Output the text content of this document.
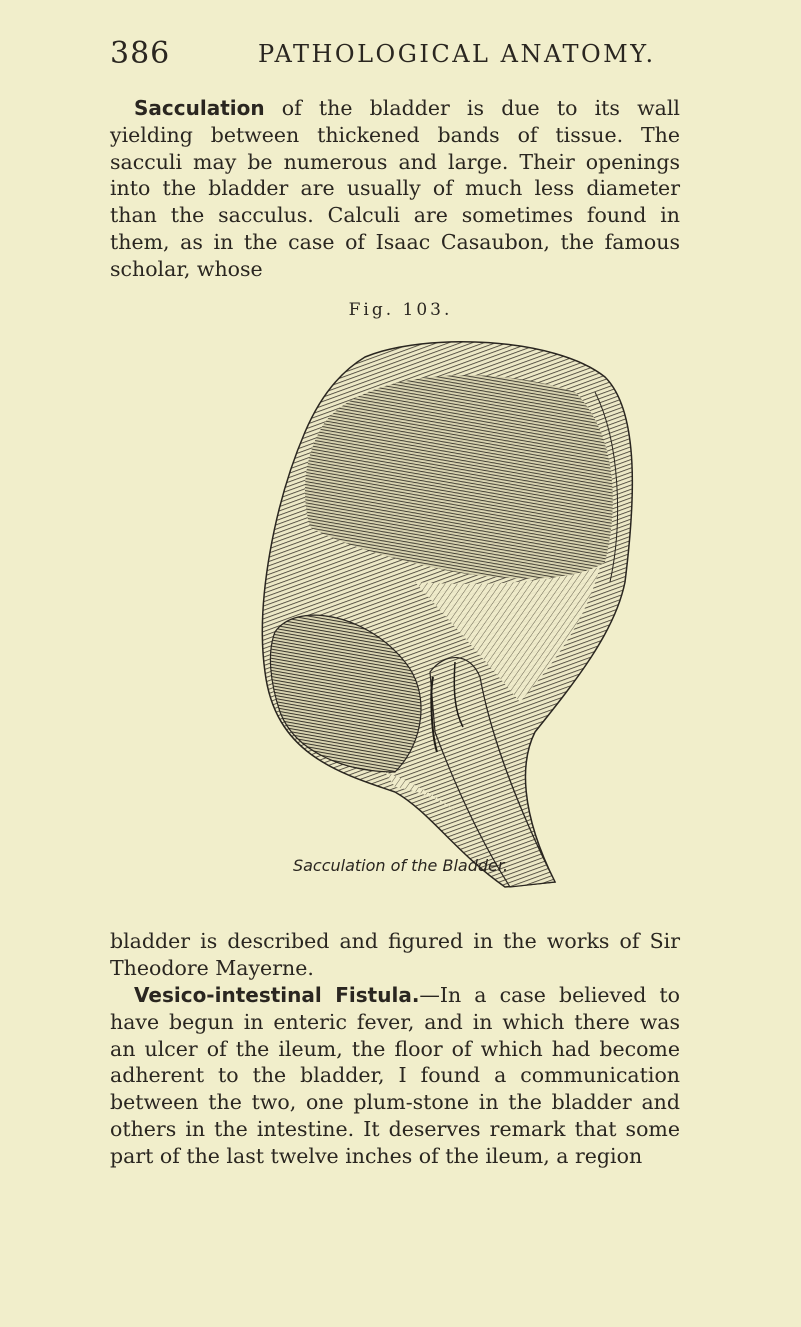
386	PATHOLOGICAL ANATOMY.

Sacculation of the bladder is due to its wall yielding between thickened bands of tissue. The sacculi may be numerous and large. Their openings into the bladder are usually of much less diameter than the sacculus. Calculi are sometimes found in them, as in the case of Isaac Casaubon, the famous scholar, whose

Fig. 103.
Sacculation of the Bladder.

bladder is described and figured in the works of Sir Theodore Mayerne.

Vesico-intestinal Fistula.—In a case believed to have begun in enteric fever, and in which there was an ulcer of the ileum, the floor of which had become adherent to the bladder, I found a communication between the two, one plum-stone in the bladder and others in the intestine. It deserves remark that some part of the last twelve inches of the ileum, a region
